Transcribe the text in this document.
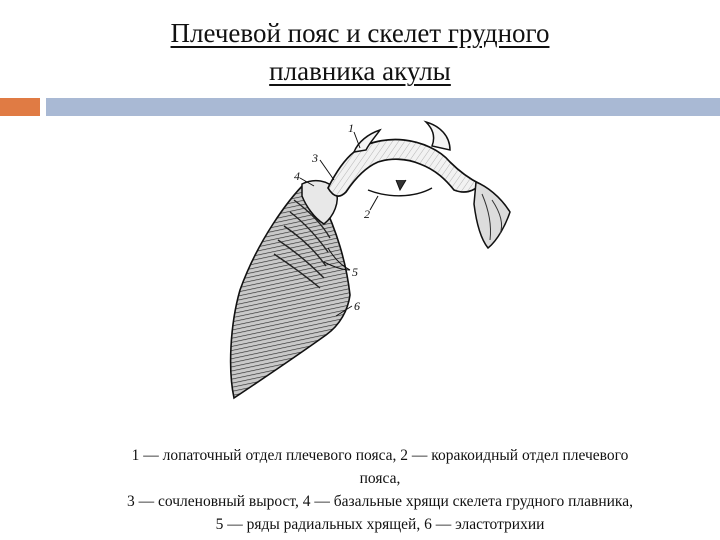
Плечевой пояс и скелет грудного
плавника акулы
1
2
3
4
5
6
1 — лопаточный отдел плечевого пояса, 2 — коракоидный отдел плечевого
пояса,
3 — сочленовный вырост, 4 — базальные хрящи скелета грудного плавника,
5 — ряды радиальных хрящей, 6 — эластотрихии
